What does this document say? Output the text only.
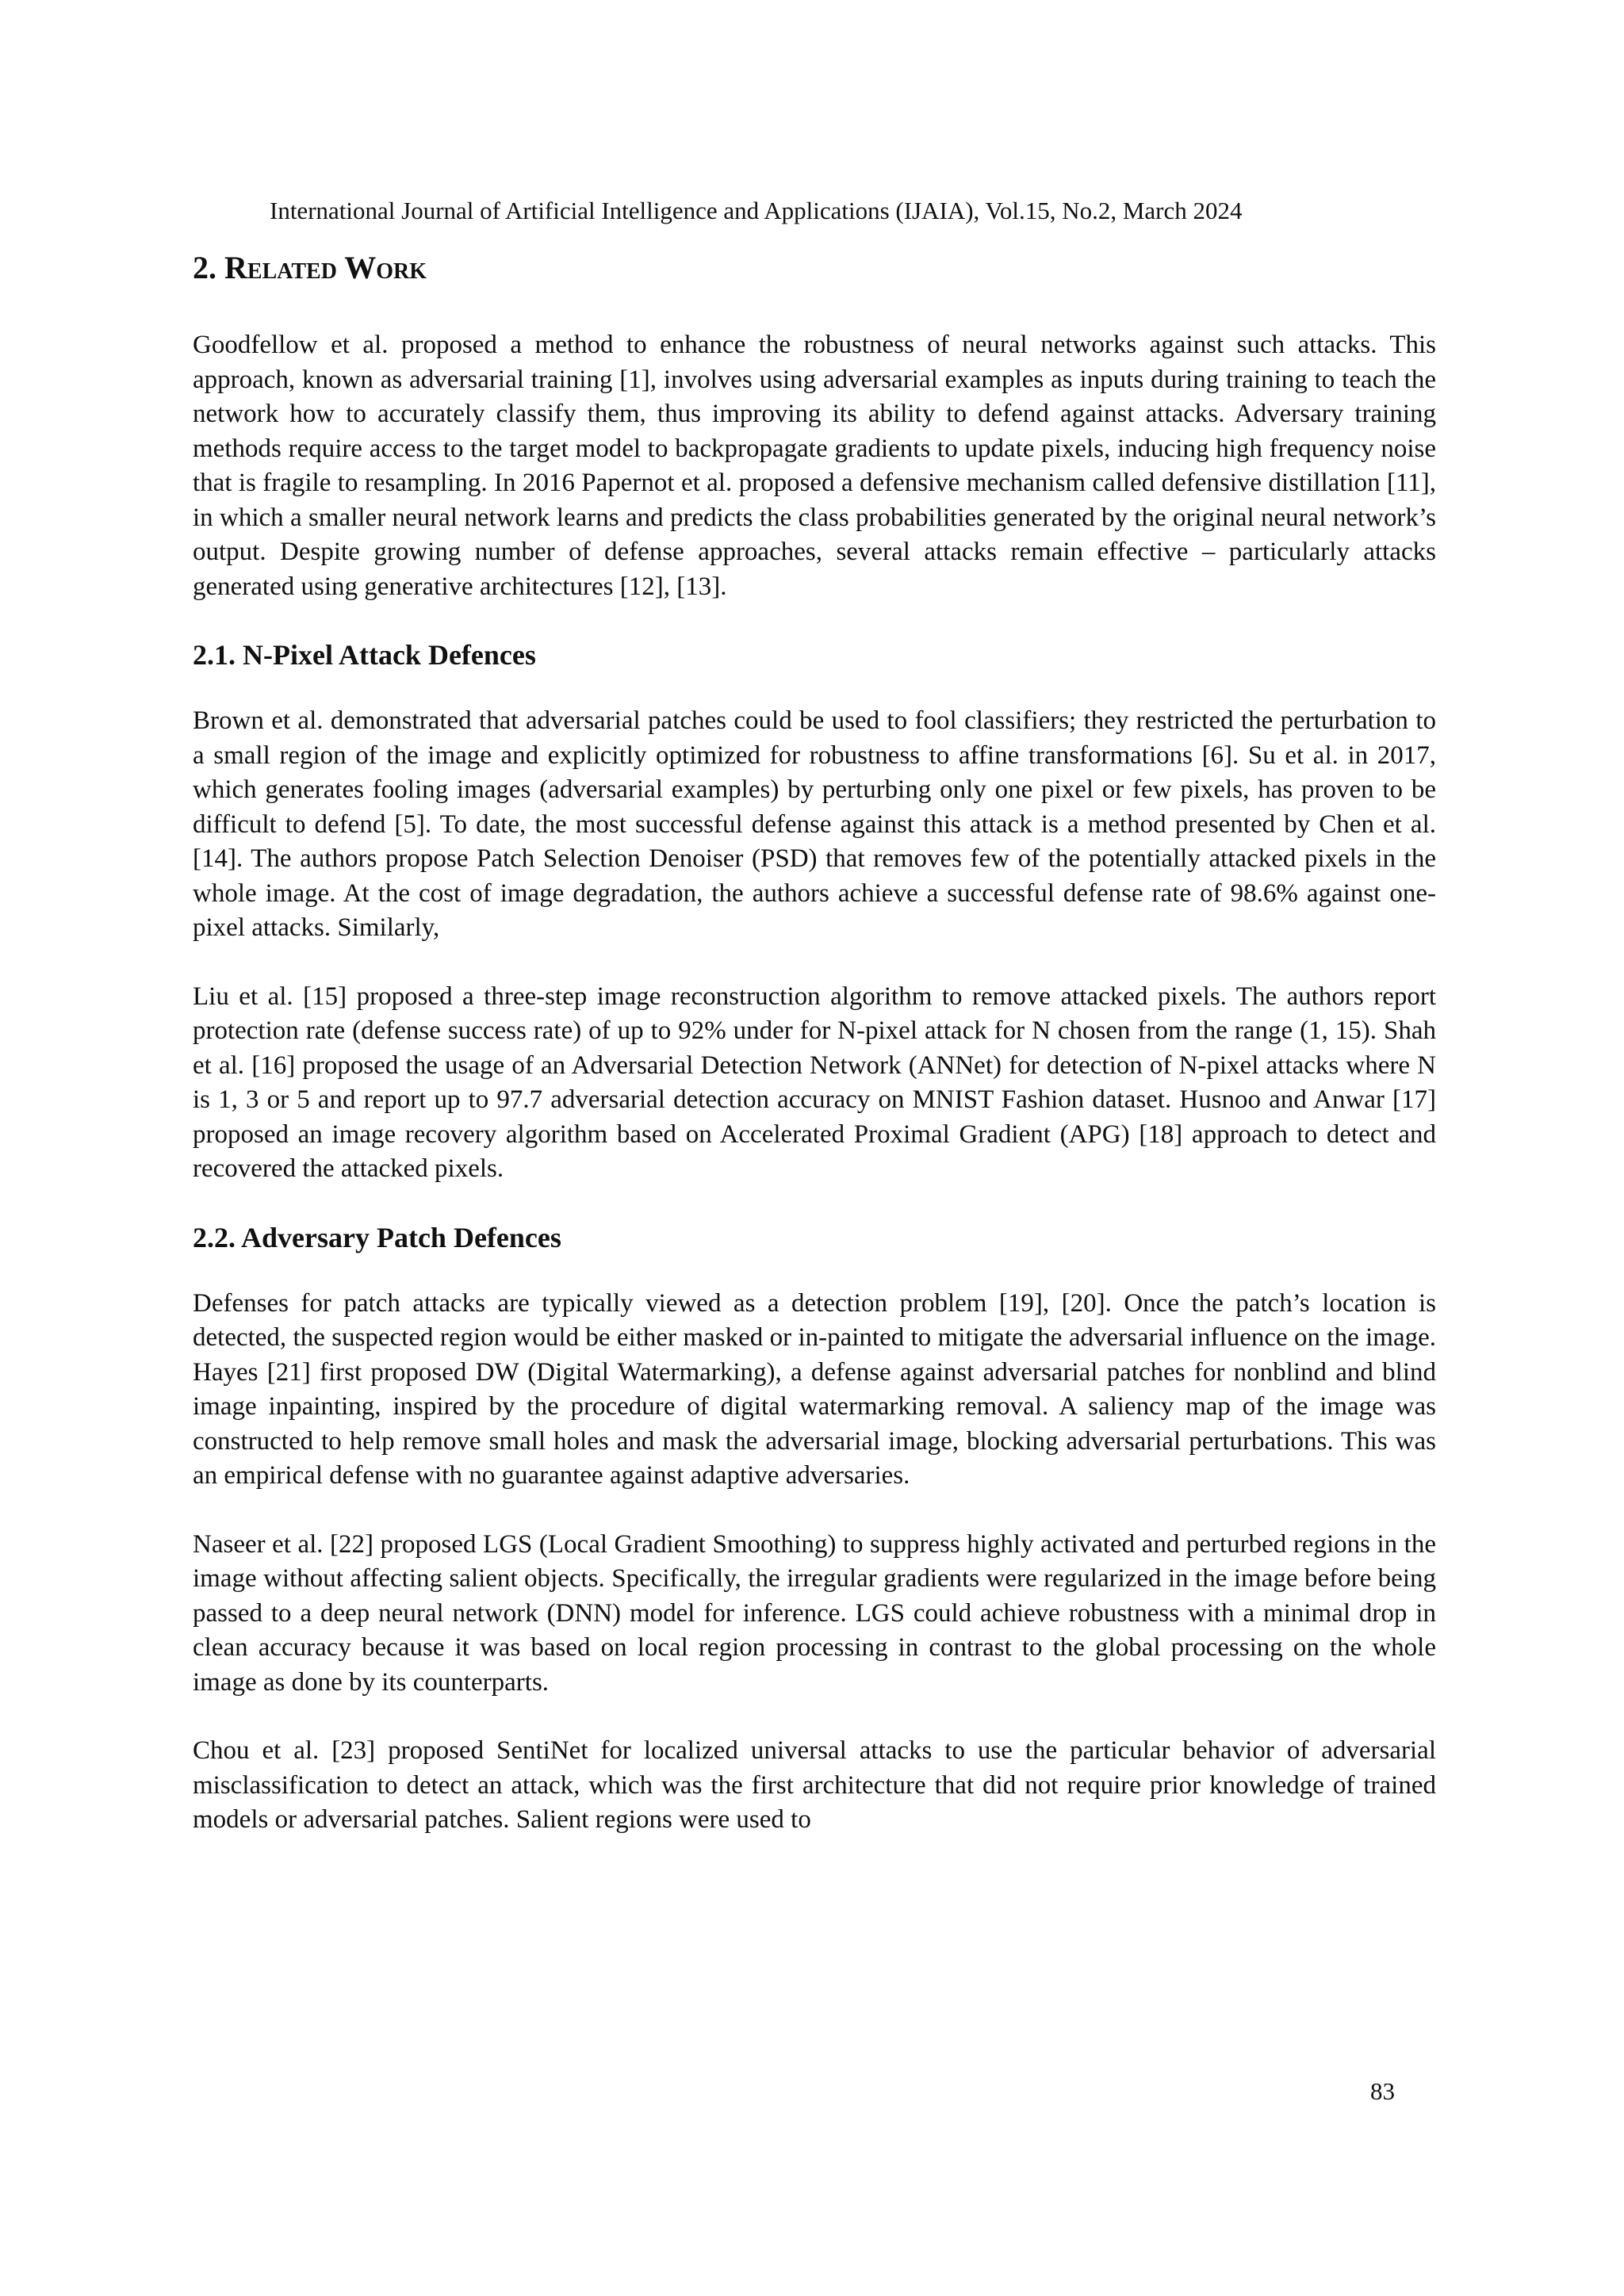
International Journal of Artificial Intelligence and Applications (IJAIA), Vol.15, No.2, March 2024
2. Related Work

Goodfellow et al. proposed a method to enhance the robustness of neural networks against such attacks. This approach, known as adversarial training [1], involves using adversarial examples as inputs during training to teach the network how to accurately classify them, thus improving its ability to defend against attacks. Adversary training methods require access to the target model to backpropagate gradients to update pixels, inducing high frequency noise that is fragile to resampling. In 2016 Papernot et al. proposed a defensive mechanism called defensive distillation [11], in which a smaller neural network learns and predicts the class probabilities generated by the original neural network’s output. Despite growing number of defense approaches, several attacks remain effective – particularly attacks generated using generative architectures [12], [13].

2.1. N-Pixel Attack Defences

Brown et al. demonstrated that adversarial patches could be used to fool classifiers; they restricted the perturbation to a small region of the image and explicitly optimized for robustness to affine transformations [6]. Su et al. in 2017, which generates fooling images (adversarial examples) by perturbing only one pixel or few pixels, has proven to be difficult to defend [5]. To date, the most successful defense against this attack is a method presented by Chen et al. [14]. The authors propose Patch Selection Denoiser (PSD) that removes few of the potentially attacked pixels in the whole image. At the cost of image degradation, the authors achieve a successful defense rate of 98.6% against one-pixel attacks. Similarly,

Liu et al. [15] proposed a three-step image reconstruction algorithm to remove attacked pixels. The authors report protection rate (defense success rate) of up to 92% under for N-pixel attack for N chosen from the range (1, 15). Shah et al. [16] proposed the usage of an Adversarial Detection Network (ANNet) for detection of N-pixel attacks where N is 1, 3 or 5 and report up to 97.7 adversarial detection accuracy on MNIST Fashion dataset. Husnoo and Anwar [17] proposed an image recovery algorithm based on Accelerated Proximal Gradient (APG) [18] approach to detect and recovered the attacked pixels.

2.2. Adversary Patch Defences

Defenses for patch attacks are typically viewed as a detection problem [19], [20]. Once the patch’s location is detected, the suspected region would be either masked or in-painted to mitigate the adversarial influence on the image. Hayes [21] first proposed DW (Digital Watermarking), a defense against adversarial patches for nonblind and blind image inpainting, inspired by the procedure of digital watermarking removal. A saliency map of the image was constructed to help remove small holes and mask the adversarial image, blocking adversarial perturbations. This was an empirical defense with no guarantee against adaptive adversaries.

Naseer et al. [22] proposed LGS (Local Gradient Smoothing) to suppress highly activated and perturbed regions in the image without affecting salient objects. Specifically, the irregular gradients were regularized in the image before being passed to a deep neural network (DNN) model for inference. LGS could achieve robustness with a minimal drop in clean accuracy because it was based on local region processing in contrast to the global processing on the whole image as done by its counterparts.

Chou et al. [23] proposed SentiNet for localized universal attacks to use the particular behavior of adversarial misclassification to detect an attack, which was the first architecture that did not require prior knowledge of trained models or adversarial patches. Salient regions were used to

83
